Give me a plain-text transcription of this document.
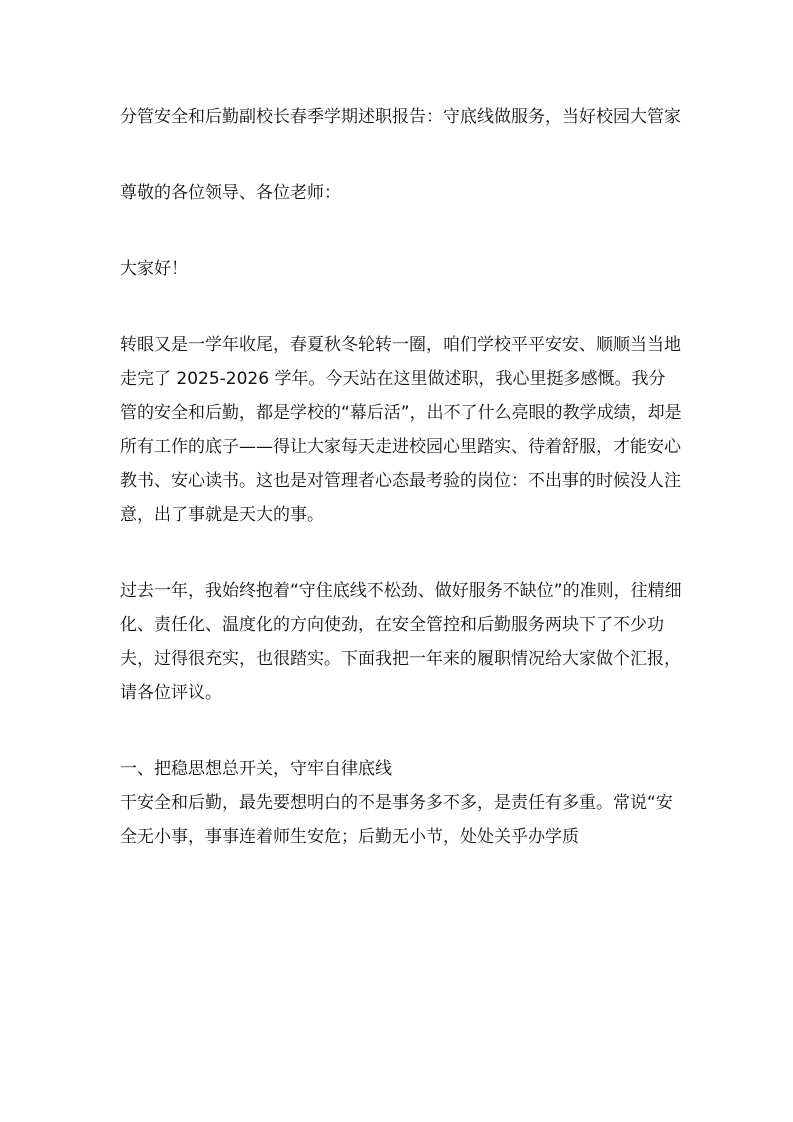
分管安全和后勤副校长春季学期述职报告：守底线做服务，当好校园大管家

尊敬的各位领导、各位老师：

大家好！

转眼又是一学年收尾，春夏秋冬轮转一圈，咱们学校平平安安、顺顺当当地走完了 2025-2026 学年。今天站在这里做述职，我心里挺多感慨。我分管的安全和后勤，都是学校的“幕后活”，出不了什么亮眼的教学成绩，却是所有工作的底子——得让大家每天走进校园心里踏实、待着舒服，才能安心教书、安心读书。这也是对管理者心态最考验的岗位：不出事的时候没人注意，出了事就是天大的事。

过去一年，我始终抱着“守住底线不松劲、做好服务不缺位”的准则，往精细化、责任化、温度化的方向使劲，在安全管控和后勤服务两块下了不少功夫，过得很充实，也很踏实。下面我把一年来的履职情况给大家做个汇报，请各位评议。

一、把稳思想总开关，守牢自律底线

干安全和后勤，最先要想明白的不是事务多不多，是责任有多重。常说“安全无小事，事事连着师生安危；后勤无小节，处处关乎办学质
